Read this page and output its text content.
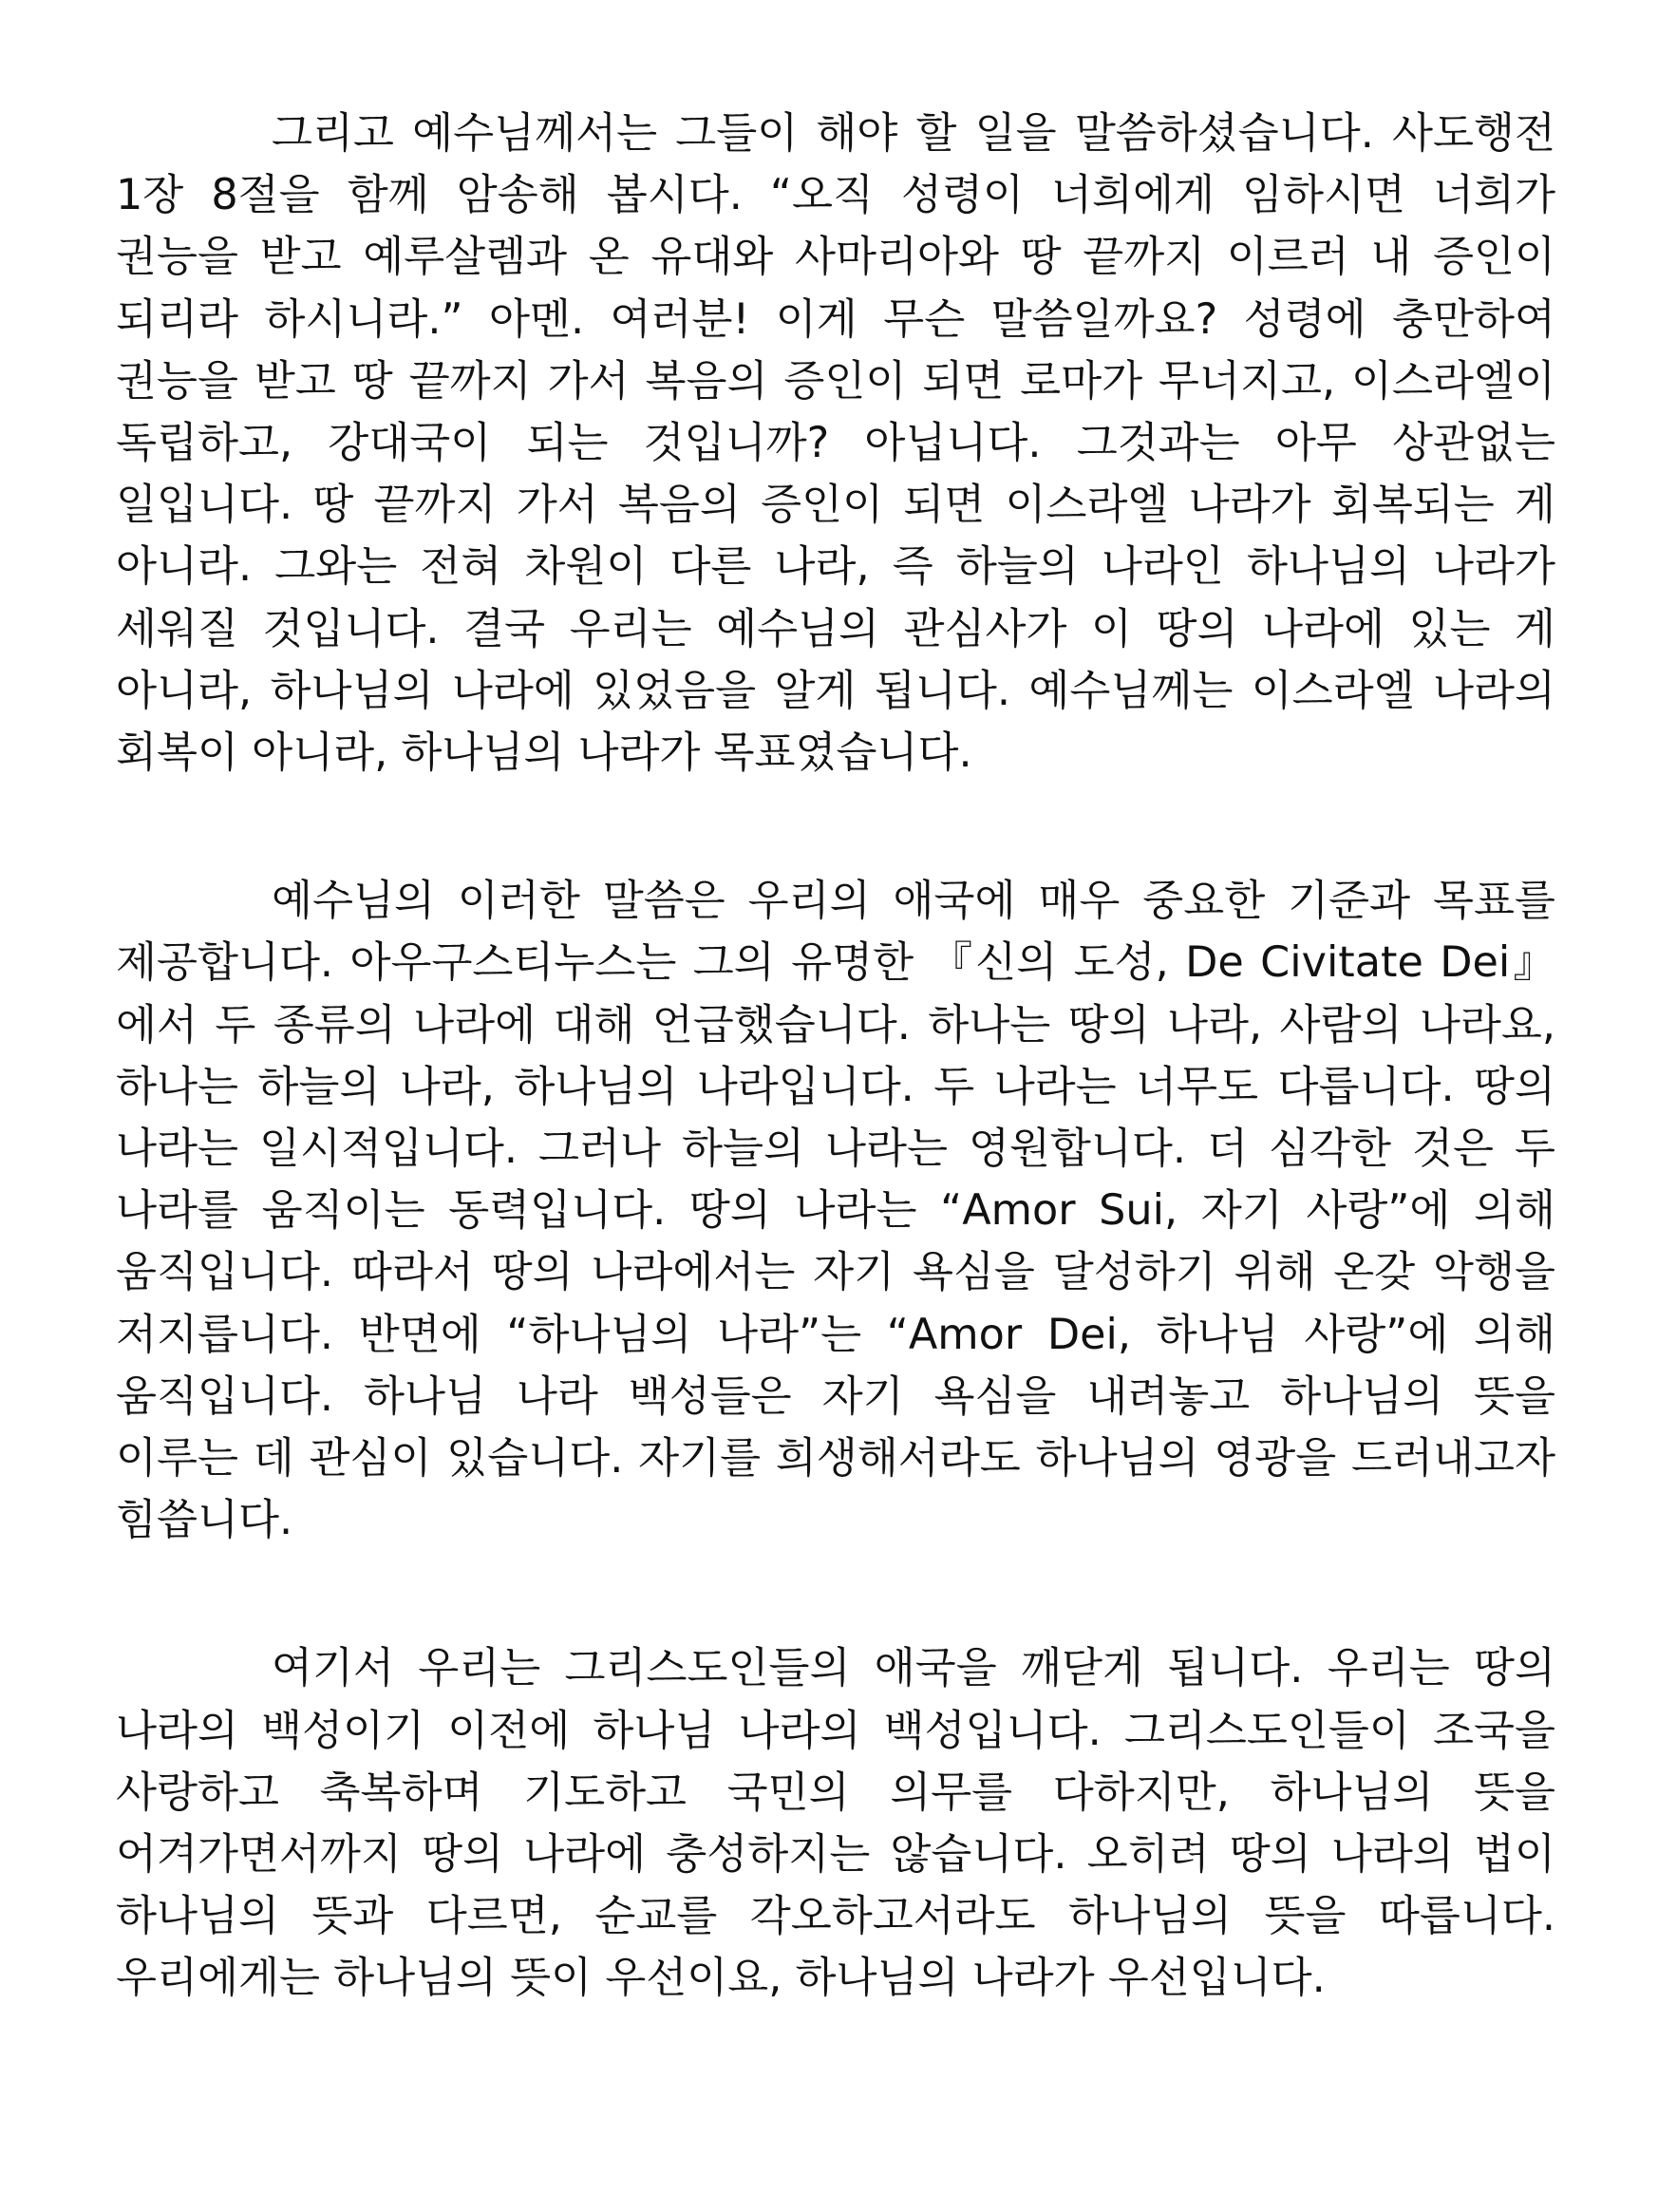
그리고 예수님께서는 그들이 해야 할 일을 말씀하셨습니다. 사도행전 1장 8절을 함께 암송해 봅시다. “오직 성령이 너희에게 임하시면 너희가 권능을 받고 예루살렘과 온 유대와 사마리아와 땅 끝까지 이르러 내 증인이 되리라 하시니라.” 아멘. 여러분! 이게 무슨 말씀일까요? 성령에 충만하여 권능을 받고 땅 끝까지 가서 복음의 증인이 되면 로마가 무너지고, 이스라엘이 독립하고, 강대국이 되는 것입니까? 아닙니다. 그것과는 아무 상관없는 일입니다. 땅 끝까지 가서 복음의 증인이 되면 이스라엘 나라가 회복되는 게 아니라. 그와는 전혀 차원이 다른 나라, 즉 하늘의 나라인 하나님의 나라가 세워질 것입니다. 결국 우리는 예수님의 관심사가 이 땅의 나라에 있는 게 아니라, 하나님의 나라에 있었음을 알게 됩니다. 예수님께는 이스라엘 나라의 회복이 아니라, 하나님의 나라가 목표였습니다.

예수님의 이러한 말씀은 우리의 애국에 매우 중요한 기준과 목표를 제공합니다. 아우구스티누스는 그의 유명한 『신의 도성, De Civitate Dei』에서 두 종류의 나라에 대해 언급했습니다. 하나는 땅의 나라, 사람의 나라요, 하나는 하늘의 나라, 하나님의 나라입니다. 두 나라는 너무도 다릅니다. 땅의 나라는 일시적입니다. 그러나 하늘의 나라는 영원합니다. 더 심각한 것은 두 나라를 움직이는 동력입니다. 땅의 나라는 “Amor Sui, 자기 사랑”에 의해 움직입니다. 따라서 땅의 나라에서는 자기 욕심을 달성하기 위해 온갖 악행을 저지릅니다. 반면에 “하나님의 나라”는 “Amor Dei, 하나님 사랑”에 의해 움직입니다. 하나님 나라 백성들은 자기 욕심을 내려놓고 하나님의 뜻을 이루는 데 관심이 있습니다. 자기를 희생해서라도 하나님의 영광을 드러내고자 힘씁니다.

여기서 우리는 그리스도인들의 애국을 깨닫게 됩니다. 우리는 땅의 나라의 백성이기 이전에 하나님 나라의 백성입니다. 그리스도인들이 조국을 사랑하고 축복하며 기도하고 국민의 의무를 다하지만, 하나님의 뜻을 어겨가면서까지 땅의 나라에 충성하지는 않습니다. 오히려 땅의 나라의 법이 하나님의 뜻과 다르면, 순교를 각오하고서라도 하나님의 뜻을 따릅니다. 우리에게는 하나님의 뜻이 우선이요, 하나님의 나라가 우선입니다.
